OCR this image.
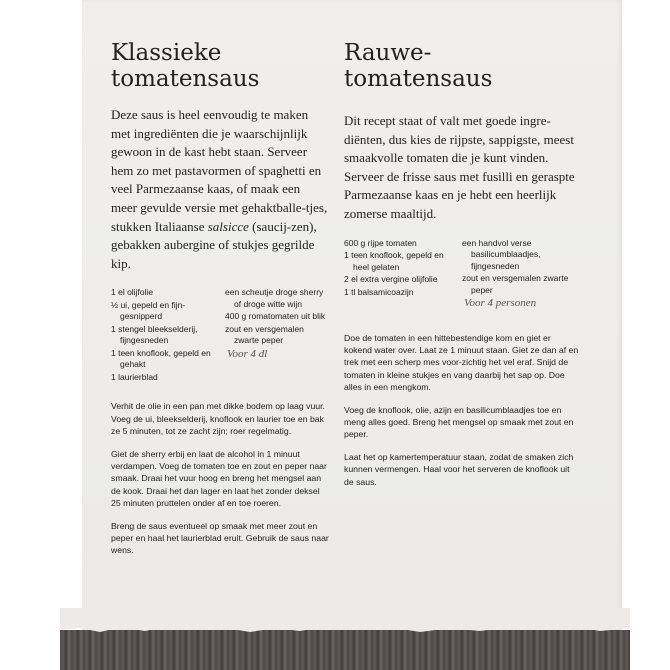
Klassieke tomatensaus

Deze saus is heel eenvoudig te maken met ingrediënten die je waarschijnlijk gewoon in de kast hebt staan. Serveer hem zo met pastavormen of spaghetti en veel Parmezaanse kaas, of maak een meer gevulde versie met gehaktballe-tjes, stukken Italiaanse salsicce (saucij-zen), gebakken aubergine of stukjes gegrilde kip.

1 el olijfolie
½ ui, gepeld en fijn-gesnipperd
1 stengel bleekselderij, fijngesneden
1 teen knoflook, gepeld en gehakt
1 laurierblad
een scheutje droge sherry of droge witte wijn
400 g romatomaten uit blik
zout en versgemalen zwarte peper
Voor 4 dl

Verhit de olie in een pan met dikke bodem op laag vuur. Voeg de ui, bleekselderij, knoflook en laurier toe en bak ze 5 minuten, tot ze zacht zijn; roer regelmatig.

Giet de sherry erbij en laat de alcohol in 1 minuut verdampen. Voeg de tomaten toe en zout en peper naar smaak. Draai het vuur hoog en breng het mengsel aan de kook. Draai het dan lager en laat het zonder deksel 25 minuten pruttelen onder af en toe roeren.

Breng de saus eventueel op smaak met meer zout en peper en haal het laurierblad eruit. Gebruik de saus naar wens.

Rauwe-tomatensaus

Dit recept staat of valt met goede ingre-diënten, dus kies de rijpste, sappigste, meest smaakvolle tomaten die je kunt vinden. Serveer de frisse saus met fusilli en geraspte Parmezaanse kaas en je hebt een heerlijk zomerse maaltijd.

600 g rijpe tomaten
1 teen knoflook, gepeld en heel gelaten
2 el extra vergine olijfolie
1 tl balsamicoazijn
een handvol verse basilicumblaadjes, fijngesneden
zout en versgemalen zwarte peper
Voor 4 personen

Doe de tomaten in een hittebestendige kom en giet er kokend water over. Laat ze 1 minuut staan. Giet ze dan af en trek met een scherp mes voor-zichtig het vel eraf. Snijd de tomaten in kleine stukjes en vang daarbij het sap op. Doe alles in een mengkom.

Voeg de knoflook, olie, azijn en basilicumblaadjes toe en meng alles goed. Breng het mengsel op smaak met zout en peper.

Laat het op kamertemperatuur staan, zodat de smaken zich kunnen vermengen. Haal voor het serveren de knoflook uit de saus.
